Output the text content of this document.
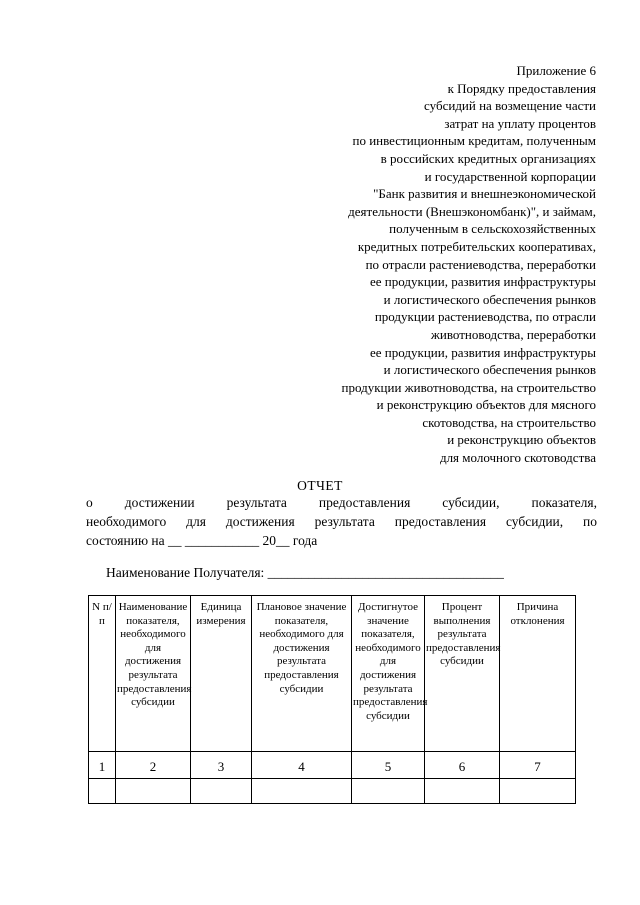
Приложение 6
к Порядку предоставления
субсидий на возмещение части
затрат на уплату процентов
по инвестиционным кредитам, полученным
в российских кредитных организациях
и государственной корпорации
"Банк развития и внешнеэкономической
деятельности (Внешэкономбанк)", и займам,
полученным в сельскохозяйственных
кредитных потребительских кооперативах,
по отрасли растениеводства, переработки
ее продукции, развития инфраструктуры
и логистического обеспечения рынков
продукции растениеводства, по отрасли
животноводства, переработки
ее продукции, развития инфраструктуры
и логистического обеспечения рынков
продукции животноводства, на строительство
и реконструкцию объектов для мясного
скотоводства, на строительство
и реконструкцию объектов
для молочного скотоводства
ОТЧЕТ
о достижении результата предоставления субсидии, показателя,
необходимого для достижения результата предоставления субсидии, по
состоянию на __ ___________ 20__ года
Наименование Получателя: ___________________________________
N п/п	Наименование показателя, необходимого для достижения результата предоставления субсидии	Единица измерения	Плановое значение показателя, необходимого для достижения результата предоставления субсидии	Достигнутое значение показателя, необходимого для достижения результата предоставления субсидии	Процент выполнения результата предоставления субсидии	Причина отклонения
1	2	3	4	5	6	7
